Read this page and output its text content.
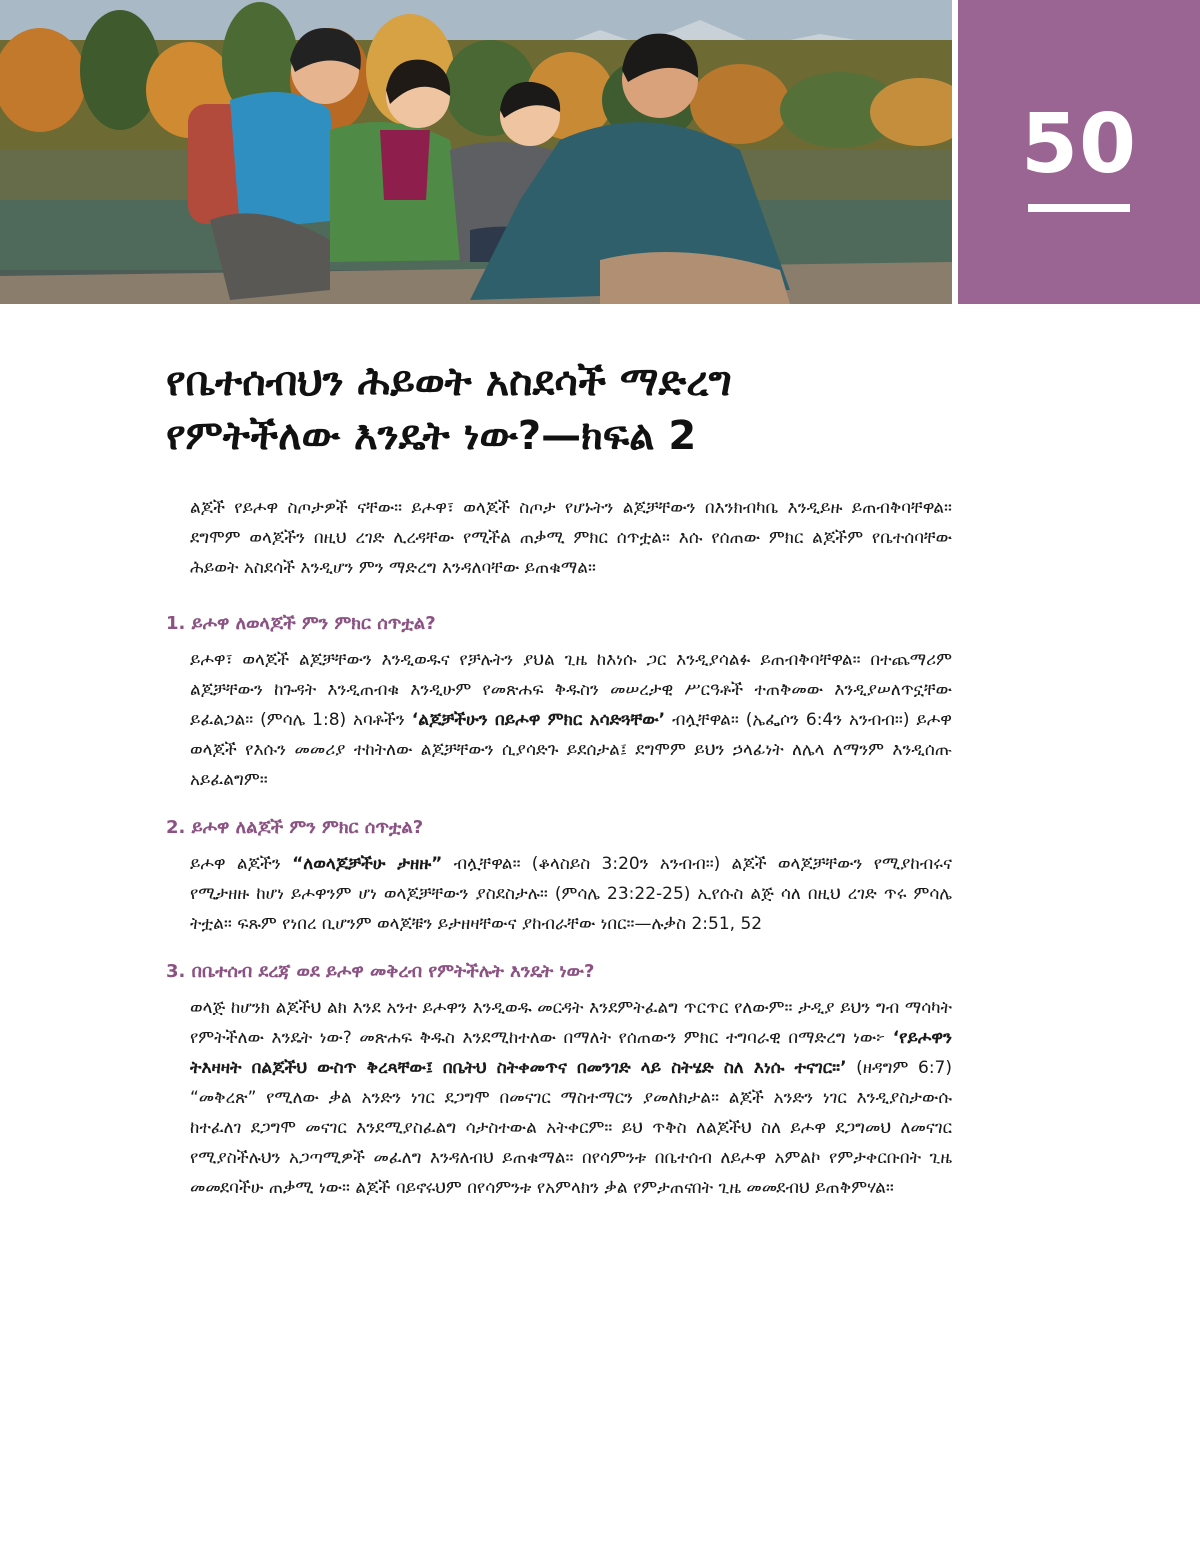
50
የቤተሰብህን ሕይወት አስደሳች ማድረግ
የምትችለው እንዴት ነው?—ክፍል 2

ልጆች የይሖዋ ስጦታዎች ናቸው። ይሖዋ፣ ወላጆች ስጦታ የሆኑትን ልጆቻቸውን በእንክብካቤ እንዲይዙ ይጠብቅባቸዋል። ደግሞም ወላጆችን በዚህ ረገድ ሊረዳቸው የሚችል ጠቃሚ ምክር ሰጥቷል። እሱ የሰጠው ምክር ልጆችም የቤተሰባቸው ሕይወት አስደሳች እንዲሆን ምን ማድረግ እንዳለባቸው ይጠቁማል።

1. ይሖዋ ለወላጆች ምን ምክር ሰጥቷል?

ይሖዋ፣ ወላጆች ልጆቻቸውን እንዲወዱና የቻሉትን ያህል ጊዜ ከእነሱ ጋር እንዲያሳልፉ ይጠብቅባቸዋል። በተጨማሪም ልጆቻቸውን ከጉዳት እንዲጠብቁ እንዲሁም የመጽሐፍ ቅዱስን መሠረታዊ ሥርዓቶች ተጠቅመው እንዲያሠለጥኗቸው ይፈልጋል። (ምሳሌ 1:8) አባቶችን ‘ልጆቻችሁን በይሖዋ ምክር አሳድጓቸው’ ብሏቸዋል። (ኤፌሶን 6:4ን አንብብ።) ይሖዋ ወላጆች የእሱን መመሪያ ተከትለው ልጆቻቸውን ሲያሳድጉ ይደሰታል፤ ደግሞም ይህን ኃላፊነት ለሌላ ለማንም እንዲሰጡ አይፈልግም።

2. ይሖዋ ለልጆች ምን ምክር ሰጥቷል?

ይሖዋ ልጆችን “ለወላጆቻችሁ ታዘዙ” ብሏቸዋል። (ቆላስይስ 3:20ን አንብብ።) ልጆች ወላጆቻቸውን የሚያከብሩና የሚታዘዙ ከሆነ ይሖዋንም ሆነ ወላጆቻቸውን ያስደስታሉ። (ምሳሌ 23:22-25) ኢየሱስ ልጅ ሳለ በዚህ ረገድ ጥሩ ምሳሌ ትቷል። ፍጹም የነበረ ቢሆንም ወላጆቹን ይታዘዛቸውና ያከብራቸው ነበር።—ሉቃስ 2:51, 52

3. በቤተሰብ ደረጃ ወደ ይሖዋ መቅረብ የምትችሉት እንዴት ነው?

ወላጅ ከሆንክ ልጆችህ ልክ እንደ አንተ ይሖዋን እንዲወዱ መርዳት እንደምትፈልግ ጥርጥር የለውም። ታዲያ ይህን ግብ ማሳካት የምትችለው እንዴት ነው? መጽሐፍ ቅዱስ እንደሚከተለው በማለት የሰጠውን ምክር ተግባራዊ በማድረግ ነው፦ ‘የይሖዋን ትእዛዛት በልጆችህ ውስጥ ቅረጻቸው፤ በቤትህ ስትቀመጥና በመንገድ ላይ ስትሄድ ስለ እነሱ ተናገር።’ (ዘዳግም 6:7) “መቅረጽ” የሚለው ቃል አንድን ነገር ደጋግሞ በመናገር ማስተማርን ያመለክታል። ልጆች አንድን ነገር እንዲያስታውሱ ከተፈለገ ደጋግሞ መናገር እንደሚያስፈልግ ሳታስተውል አትቀርም። ይህ ጥቅስ ለልጆችህ ስለ ይሖዋ ደጋግመህ ለመናገር የሚያስችሉህን አጋጣሚዎች መፈለግ እንዳለብህ ይጠቁማል። በየሳምንቱ በቤተሰብ ለይሖዋ አምልኮ የምታቀርቡበት ጊዜ መመደባችሁ ጠቃሚ ነው። ልጆች ባይኖሩህም በየሳምንቱ የአምላክን ቃል የምታጠናበት ጊዜ መመደብህ ይጠቅምሃል።
